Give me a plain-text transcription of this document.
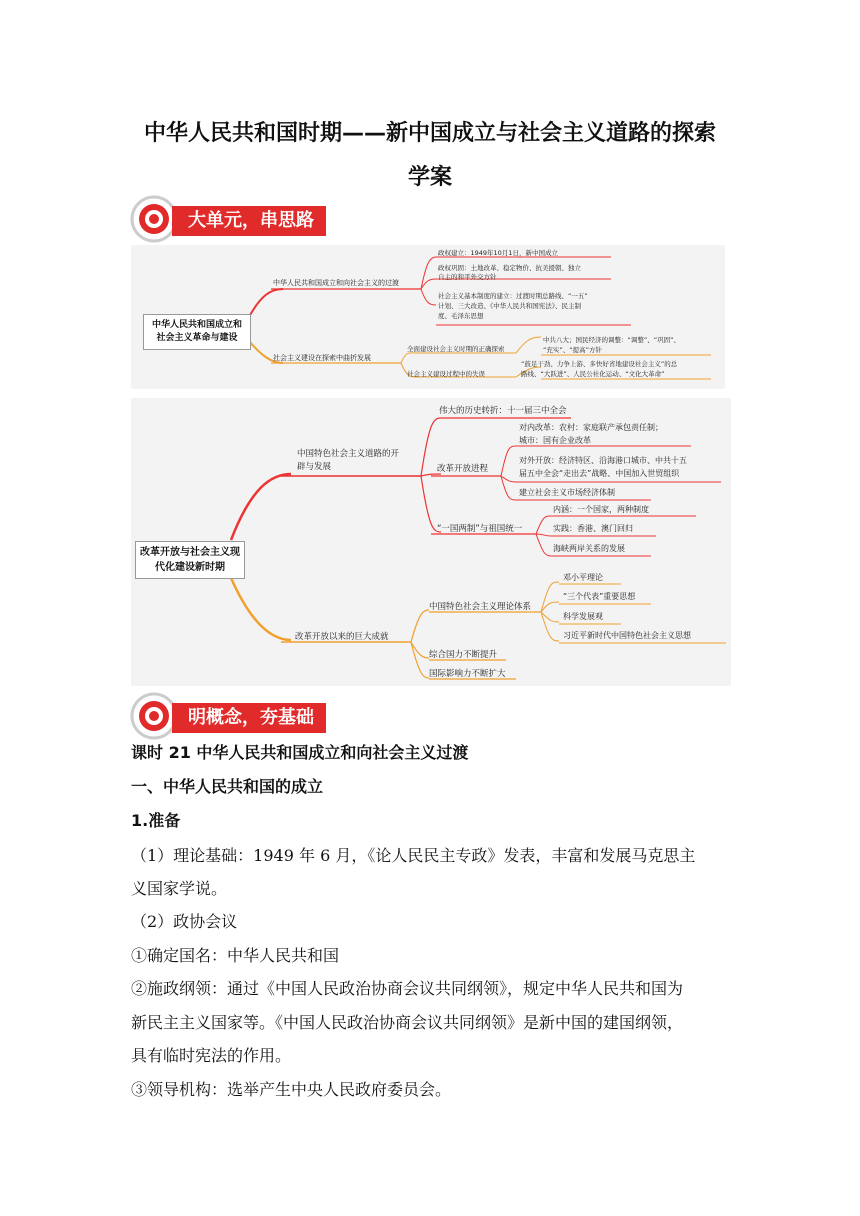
中华人民共和国时期——新中国成立与社会主义道路的探索
学案
大单元，串思路
中华人民共和国成立和
社会主义革命与建设
中华人民共和国成立和向社会主义的过渡
政权建立：1949年10月1日，新中国成立
政权巩固：土地改革、稳定物价、抗美援朝、独立
自主的和平外交方针
社会主义基本制度的建立：过渡时期总路线、“一五”
计划、三大改造、《中华人民共和国宪法》、民主制
度、毛泽东思想
社会主义建设在探索中曲折发展
全面建设社会主义时期的正确探索
社会主义建设过程中的失误
中共八大；国民经济的调整：“调整”、“巩固”、
“充实”、“提高”方针
“鼓足干劲、力争上游、多快好省地建设社会主义”的总
路线、“大跃进”、人民公社化运动、“文化大革命”
改革开放与社会主义现
代化建设新时期
中国特色社会主义道路的开
辟与发展
伟大的历史转折：十一届三中全会
改革开放进程
对内改革：农村：家庭联产承包责任制；
城市：国有企业改革
对外开放：经济特区、沿海港口城市、中共十五
届五中全会“走出去”战略、中国加入世贸组织
建立社会主义市场经济体制
“一国两制”与祖国统一
内涵：一个国家，两种制度
实践：香港、澳门回归
海峡两岸关系的发展
改革开放以来的巨大成就
中国特色社会主义理论体系
邓小平理论
“三个代表”重要思想
科学发展观
习近平新时代中国特色社会主义思想
综合国力不断提升
国际影响力不断扩大
明概念，夯基础
课时 21 中华人民共和国成立和向社会主义过渡
一、中华人民共和国的成立
1.准备
（1）理论基础：1949 年 6 月，《论人民民主专政》发表，丰富和发展马克思主
义国家学说。
（2）政协会议
①确定国名：中华人民共和国
②施政纲领：通过《中国人民政治协商会议共同纲领》，规定中华人民共和国为
新民主主义国家等。《中国人民政治协商会议共同纲领》是新中国的建国纲领，
具有临时宪法的作用。
③领导机构：选举产生中央人民政府委员会。
